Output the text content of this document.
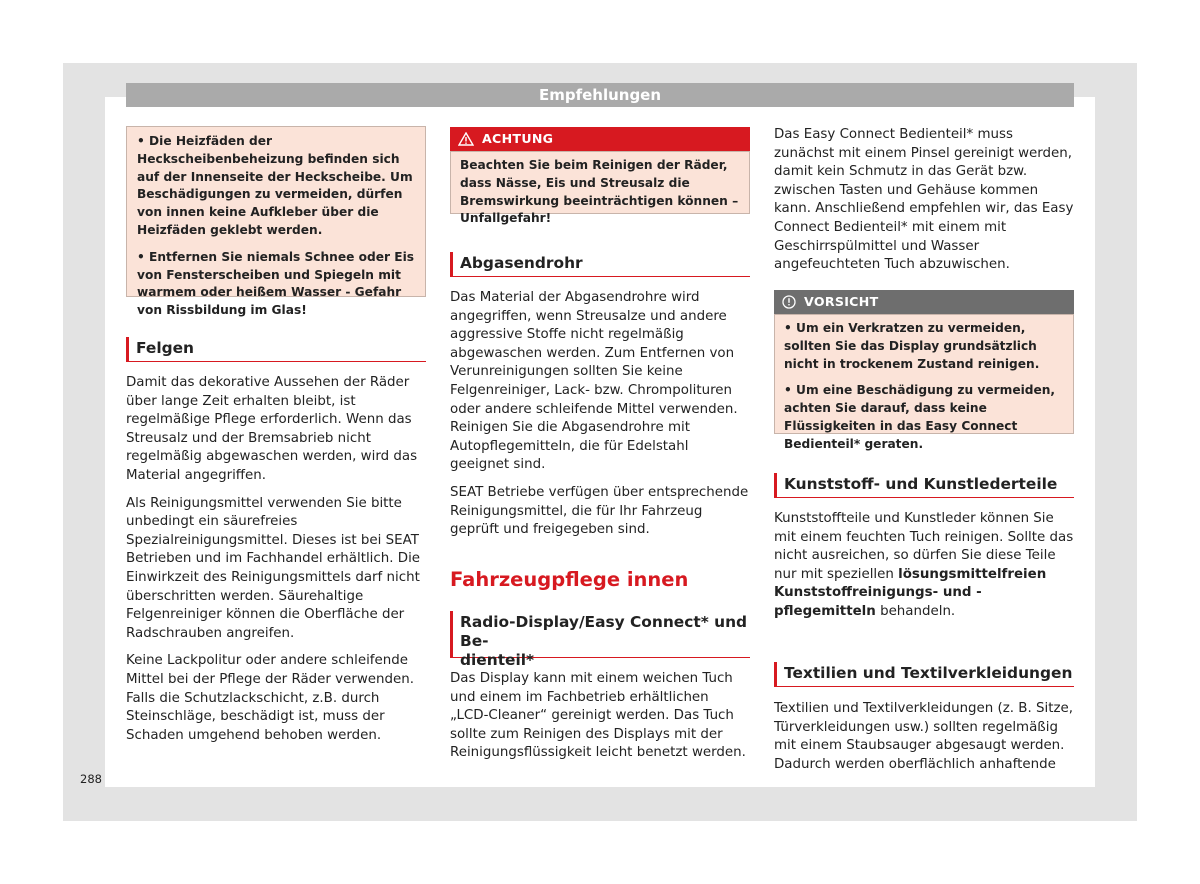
Empfehlungen

• Die Heizfäden der Heckscheibenbeheizung befinden sich auf der Innenseite der Heckscheibe. Um Beschädigungen zu vermeiden, dürfen von innen keine Aufkleber über die Heizfäden geklebt werden.

• Entfernen Sie niemals Schnee oder Eis von Fensterscheiben und Spiegeln mit warmem oder heißem Wasser - Gefahr von Rissbildung im Glas!

Felgen

Damit das dekorative Aussehen der Räder über lange Zeit erhalten bleibt, ist regelmäßige Pflege erforderlich. Wenn das Streusalz und der Bremsabrieb nicht regelmäßig abgewaschen werden, wird das Material angegriffen.

Als Reinigungsmittel verwenden Sie bitte unbedingt ein säurefreies Spezialreinigungsmittel. Dieses ist bei SEAT Betrieben und im Fachhandel erhältlich. Die Einwirkzeit des Reinigungsmittels darf nicht überschritten werden. Säurehaltige Felgenreiniger können die Oberfläche der Radschrauben angreifen.

Keine Lackpolitur oder andere schleifende Mittel bei der Pflege der Räder verwenden. Falls die Schutzlackschicht, z.B. durch Steinschläge, beschädigt ist, muss der Schaden umgehend behoben werden.

ACHTUNG

Beachten Sie beim Reinigen der Räder, dass Nässe, Eis und Streusalz die Bremswirkung beeinträchtigen können – Unfallgefahr!

Abgasendrohr

Das Material der Abgasendrohre wird angegriffen, wenn Streusalze und andere aggressive Stoffe nicht regelmäßig abgewaschen werden. Zum Entfernen von Verunreinigungen sollten Sie keine Felgenreiniger, Lack- bzw. Chrompolituren oder andere schleifende Mittel verwenden. Reinigen Sie die Abgasendrohre mit Autopflegemitteln, die für Edelstahl geeignet sind.

SEAT Betriebe verfügen über entsprechende Reinigungsmittel, die für Ihr Fahrzeug geprüft und freigegeben sind.

Fahrzeugpflege innen
Radio-Display/Easy Connect* und Be-
dienteil*

Das Display kann mit einem weichen Tuch und einem im Fachbetrieb erhältlichen „LCD-Cleaner“ gereinigt werden. Das Tuch sollte zum Reinigen des Displays mit der Reinigungsflüssigkeit leicht benetzt werden.

Das Easy Connect Bedienteil* muss zunächst mit einem Pinsel gereinigt werden, damit kein Schmutz in das Gerät bzw. zwischen Tasten und Gehäuse kommen kann. Anschließend empfehlen wir, das Easy Connect Bedienteil* mit einem mit Geschirrspülmittel und Wasser angefeuchteten Tuch abzuwischen.

VORSICHT

• Um ein Verkratzen zu vermeiden, sollten Sie das Display grundsätzlich nicht in trockenem Zustand reinigen.

• Um eine Beschädigung zu vermeiden, achten Sie darauf, dass keine Flüssigkeiten in das Easy Connect Bedienteil* geraten.

Kunststoff- und Kunstlederteile

Kunststoffteile und Kunstleder können Sie mit einem feuchten Tuch reinigen. Sollte das nicht ausreichen, so dürfen Sie diese Teile nur mit speziellen lösungsmittelfreien Kunststoffreinigungs- und -pflegemitteln behandeln.

Textilien und Textilverkleidungen

Textilien und Textilverkleidungen (z. B. Sitze, Türverkleidungen usw.) sollten regelmäßig mit einem Staubsauger abgesaugt werden. Dadurch werden oberflächlich anhaftende

288
